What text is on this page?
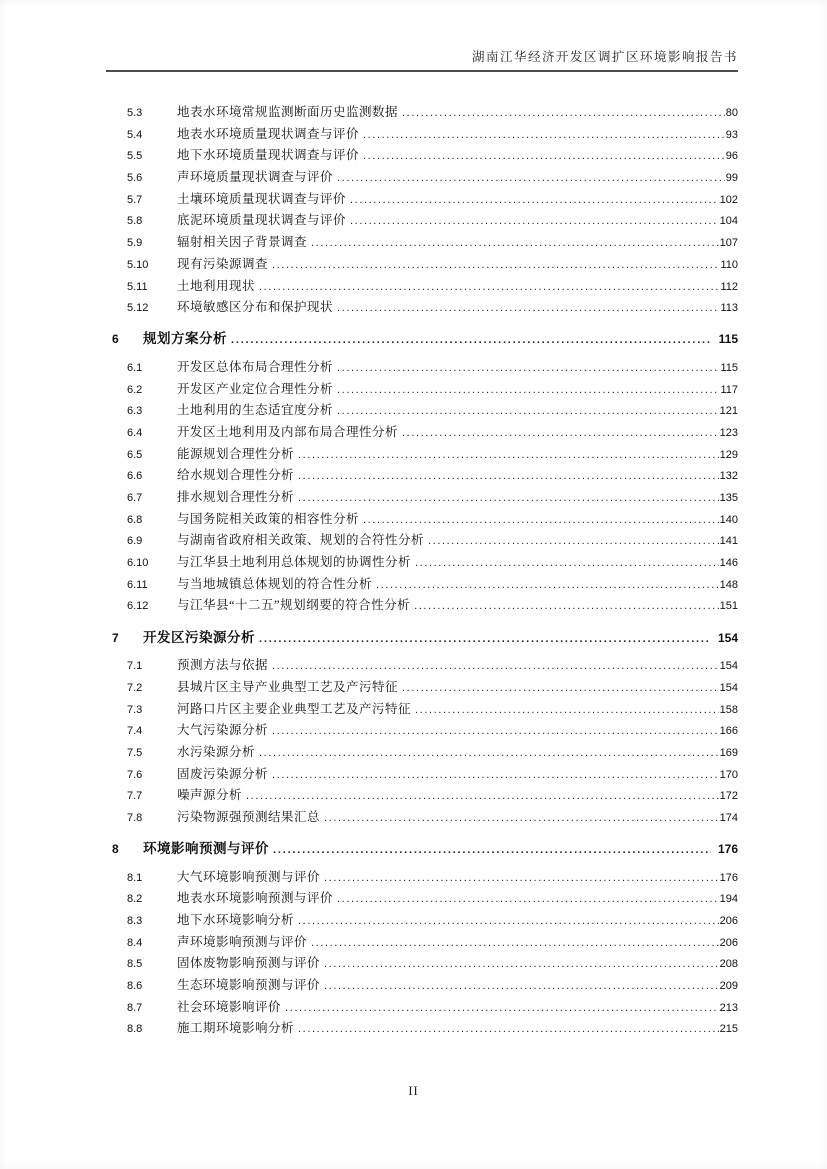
湖南江华经济开发区调扩区环境影响报告书
5.3	地表水环境常规监测断面历史监测数据 .....	80
5.4	地表水环境质量现状调查与评价 .....	93
5.5	地下水环境质量现状调查与评价 .....	96
5.6	声环境质量现状调查与评价 .....	99
5.7	土壤环境质量现状调查与评价 .....	102
5.8	底泥环境质量现状调查与评价 .....	104
5.9	辐射相关因子背景调查 .....	107
5.10	现有污染源调查 .....	110
5.11	土地利用现状 .....	112
5.12	环境敏感区分布和保护现状 .....	113
6	规划方案分析 .....	115
6.1	开发区总体布局合理性分析 .....	115
6.2	开发区产业定位合理性分析 .....	117
6.3	土地利用的生态适宜度分析 .....	121
6.4	开发区土地利用及内部布局合理性分析 .....	123
6.5	能源规划合理性分析 .....	129
6.6	给水规划合理性分析 .....	132
6.7	排水规划合理性分析 .....	135
6.8	与国务院相关政策的相容性分析 .....	140
6.9	与湖南省政府相关政策、规划的合符性分析 .....	141
6.10	与江华县土地利用总体规划的协调性分析 .....	146
6.11	与当地城镇总体规划的符合性分析 .....	148
6.12	与江华县“十二五”规划纲要的符合性分析 .....	151
7	开发区污染源分析 .....	154
7.1	预测方法与依据 .....	154
7.2	县城片区主导产业典型工艺及产污特征 .....	154
7.3	河路口片区主要企业典型工艺及产污特征 .....	158
7.4	大气污染源分析 .....	166
7.5	水污染源分析 .....	169
7.6	固废污染源分析 .....	170
7.7	噪声源分析 .....	172
7.8	污染物源强预测结果汇总 .....	174
8	环境影响预测与评价 .....	176
8.1	大气环境影响预测与评价 .....	176
8.2	地表水环境影响预测与评价 .....	194
8.3	地下水环境影响分析 .....	206
8.4	声环境影响预测与评价 .....	206
8.5	固体废物影响预测与评价 .....	208
8.6	生态环境影响预测与评价 .....	209
8.7	社会环境影响评价 .....	213
8.8	施工期环境影响分析 .....	215
II
